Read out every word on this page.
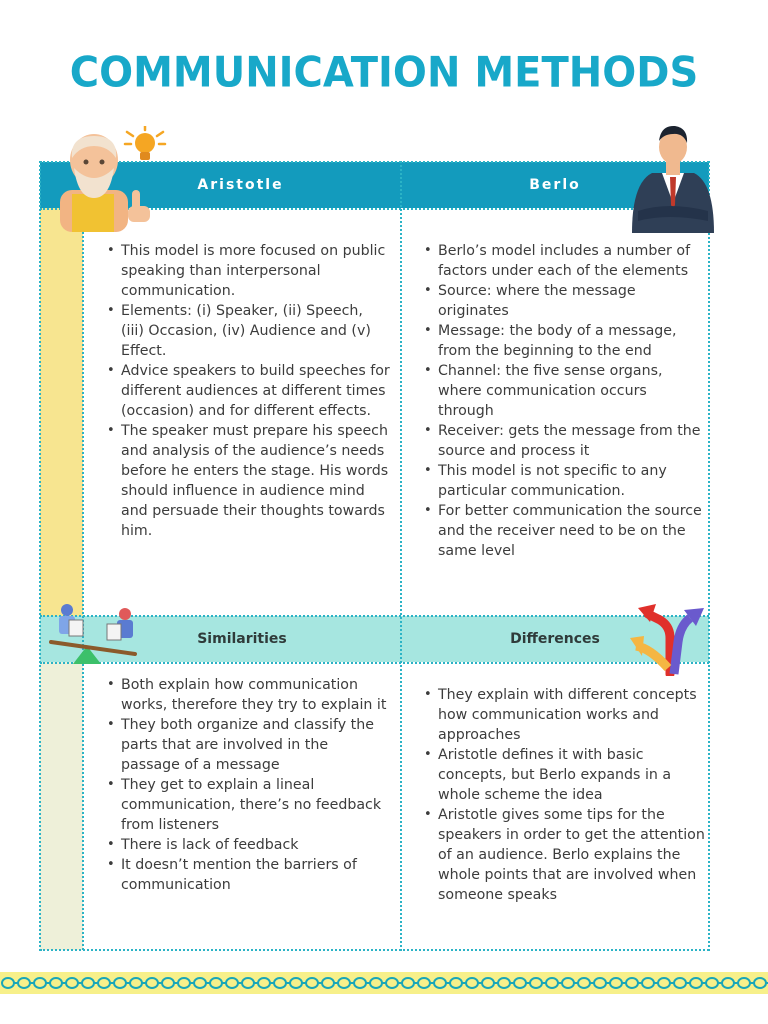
COMMUNICATION METHODS
Aristotle	Berlo
Similarities	Differences
• This model is more focused on public speaking than interpersonal communication.
• Elements: (i) Speaker, (ii) Speech, (iii) Occasion, (iv) Audience and (v) Effect.
• Advice speakers to build speeches for different audiences at different times (occasion) and for different effects.
• The speaker must prepare his speech and analysis of the audience’s needs before he enters the stage. His words should influence in audience mind and persuade their thoughts towards him.
• Berlo’s model includes a number of factors under each of the elements
• Source: where the message originates
• Message: the body of a message, from the beginning to the end
• Channel: the five sense organs, where communication occurs through
• Receiver: gets the message from the source and process it
• This model is not specific to any particular communication.
• For better communication the source and the receiver need to be on the same level
• Both explain how communication works, therefore they try to explain it
• They both organize and classify the parts that are involved in the passage of a message
• They get to explain a lineal communication, there’s no feedback from listeners
• There is lack of feedback
• It doesn’t mention the barriers of communication
• They explain with different concepts how communication works and approaches
• Aristotle defines it with basic concepts, but Berlo expands in a whole scheme the idea
• Aristotle gives some tips for the speakers in order to get the attention of an audience. Berlo explains the whole points that are involved when someone speaks
